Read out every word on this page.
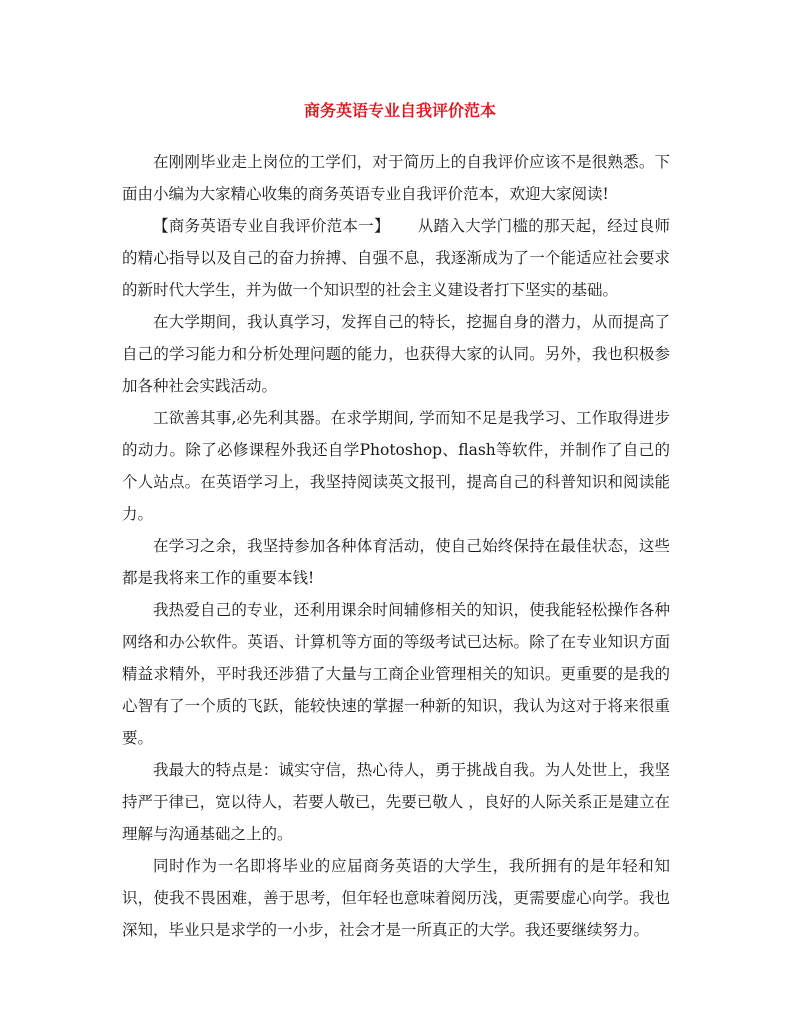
商务英语专业自我评价范本

在刚刚毕业走上岗位的工学们，对于简历上的自我评价应该不是很熟悉。下面由小编为大家精心收集的商务英语专业自我评价范本，欢迎大家阅读!

【商务英语专业自我评价范本一】 从踏入大学门槛的那天起，经过良师的精心指导以及自己的奋力拚搏、自强不息，我逐渐成为了一个能适应社会要求的新时代大学生，并为做一个知识型的社会主义建设者打下坚实的基础。

在大学期间，我认真学习，发挥自己的特长，挖掘自身的潜力，从而提高了自己的学习能力和分析处理问题的能力，也获得大家的认同。另外，我也积极参加各种社会实践活动。

工欲善其事,必先利其器。在求学期间, 学而知不足是我学习、工作取得进步的动力。除了必修课程外我还自学Photoshop、flash等软件，并制作了自己的个人站点。在英语学习上，我坚持阅读英文报刊，提高自己的科普知识和阅读能力。

在学习之余，我坚持参加各种体育活动，使自己始终保持在最佳状态，这些都是我将来工作的重要本钱!

我热爱自己的专业，还利用课余时间辅修相关的知识，使我能轻松操作各种网络和办公软件。英语、计算机等方面的等级考试已达标。除了在专业知识方面精益求精外，平时我还涉猎了大量与工商企业管理相关的知识。更重要的是我的心智有了一个质的飞跃，能较快速的掌握一种新的知识，我认为这对于将来很重要。

我最大的特点是：诚实守信，热心待人，勇于挑战自我。为人处世上，我坚持严于律已，宽以待人，若要人敬已，先要已敬人 ，良好的人际关系正是建立在理解与沟通基础之上的。

同时作为一名即将毕业的应届商务英语的大学生，我所拥有的是年轻和知识，使我不畏困难，善于思考，但年轻也意味着阅历浅，更需要虚心向学。我也深知，毕业只是求学的一小步，社会才是一所真正的大学。我还要继续努力。
